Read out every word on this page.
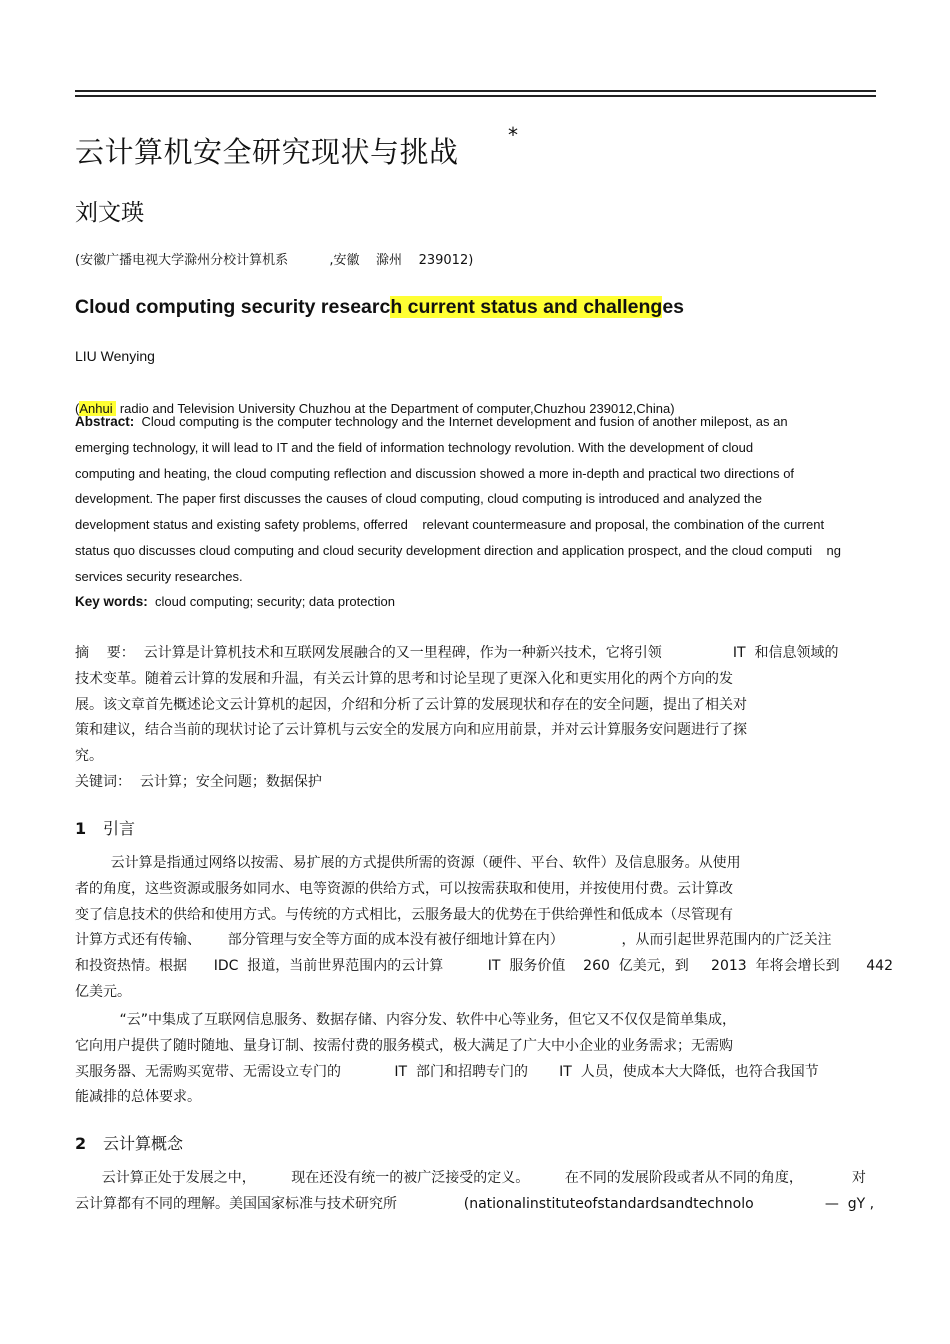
云计算机安全研究现状与挑战 *
刘文瑛
(安徽广播电视大学滁州分校计算机系          ,安徽    滁州    239012)
Cloud computing security research current status and challenges
LIU Wenying

(Anhui  radio and Television University Chuzhou at the Department of computer,Chuzhou 239012,China)

Abstract: Cloud computing is the computer technology and the Internet development and fusion of another milepost, as an
emerging technology, it will lead to IT and the field of information technology revolution. With the development of cloud
computing and heating, the cloud computing reflection and discussion showed a more in-depth and practical two directions of
development. The paper first discusses the causes of cloud computing, cloud computing is introduced and analyzed the
development status and existing safety problems, offerred    relevant countermeasure and proposal, the combination of the current
status quo discusses cloud computing and cloud security development direction and application prospect, and the cloud computi    ng
services security researches.
Key words: cloud computing; security; data protection
摘    要：  云计算是计算机技术和互联网发展融合的又一里程碑，作为一种新兴技术，它将引领                IT  和信息领域的
技术变革。随着云计算的发展和升温，有关云计算的思考和讨论呈现了更深入化和更实用化的两个方向的发
展。该文章首先概述论文云计算机的起因，介绍和分析了云计算的发展现状和存在的安全问题，提出了相关对
策和建议，结合当前的现状讨论了云计算机与云安全的发展方向和应用前景，并对云计算服务安问题进行了探
究。
关键词：  云计算；安全问题；数据保护
1 引言
云计算是指通过网络以按需、易扩展的方式提供所需的资源（硬件、平台、软件）及信息服务。从使用
者的角度，这些资源或服务如同水、电等资源的供给方式，可以按需获取和使用，并按使用付费。云计算改
变了信息技术的供给和使用方式。与传统的方式相比，云服务最大的优势在于供给弹性和低成本（尽管现有
计算方式还有传输、      部分管理与安全等方面的成本没有被仔细地计算在内）             ，从而引起世界范围内的广泛关注
和投资热情。根据      IDC  报道，当前世界范围内的云计算          IT  服务价值    260  亿美元，到     2013  年将会增长到      442
亿美元。
“云”中集成了互联网信息服务、数据存储、内容分发、软件中心等业务，但它又不仅仅是简单集成，
它向用户提供了随时随地、量身订制、按需付费的服务模式，极大满足了广大中小企业的业务需求；无需购
买服务器、无需购买宽带、无需设立专门的            IT  部门和招聘专门的       IT  人员，使成本大大降低，也符合我国节
能减排的总体要求。
2 云计算概念
云计算正处于发展之中，        现在还没有统一的被广泛接受的定义。        在不同的发展阶段或者从不同的角度，           对
云计算都有不同的理解。美国国家标准与技术研究所               (nationalinstituteofstandardsandtechnolo                —  gY ,
